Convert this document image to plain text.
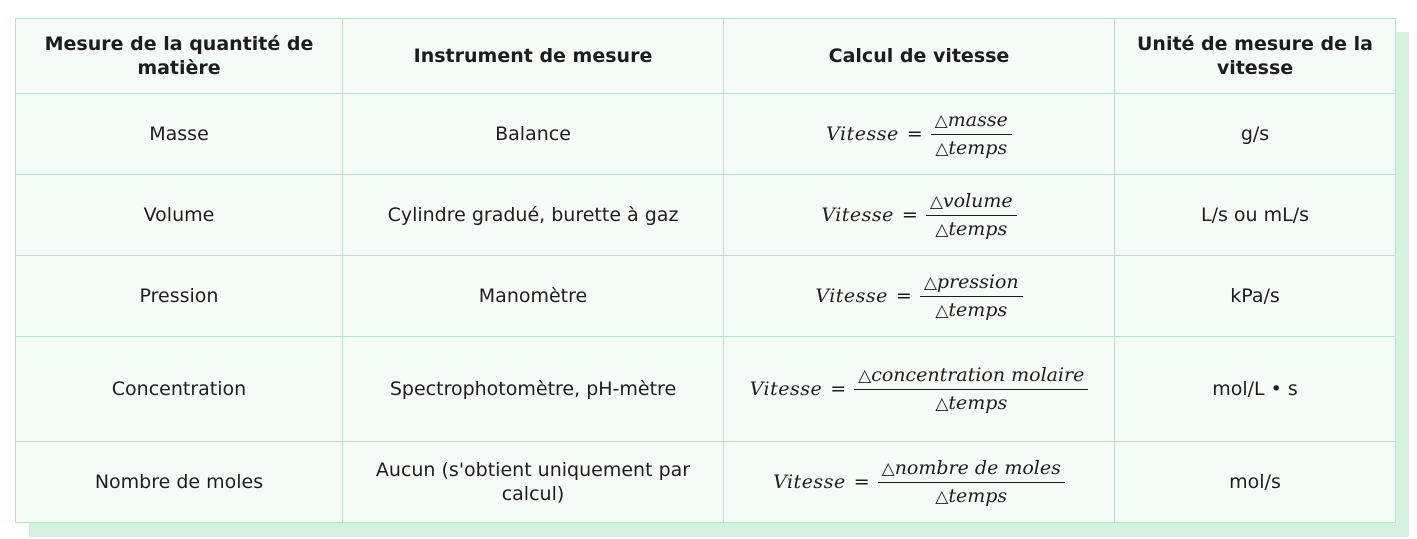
Mesure de la quantité de matière	Instrument de mesure	Calcul de vitesse	Unité de mesure de la vitesse
Masse	Balance	Vitesse = $\frac{\text{△masse}}{\text{△temps}}$	g/s
Volume	Cylindre gradué, burette à gaz	Vitesse = $\frac{\text{△volume}}{\text{△temps}}$	L/s ou mL/s
Pression	Manomètre	Vitesse = $\frac{\text{△pression}}{\text{△temps}}$	kPa/s
Concentration	Spectrophotomètre, pH-mètre	Vitesse = $\frac{\text{△concentration molaire}}{\text{△temps}}$	mol/L • s
Nombre de moles	Aucun (s'obtient uniquement par calcul)	Vitesse = $\frac{\text{△nombre de moles}}{\text{△temps}}$	mol/s
